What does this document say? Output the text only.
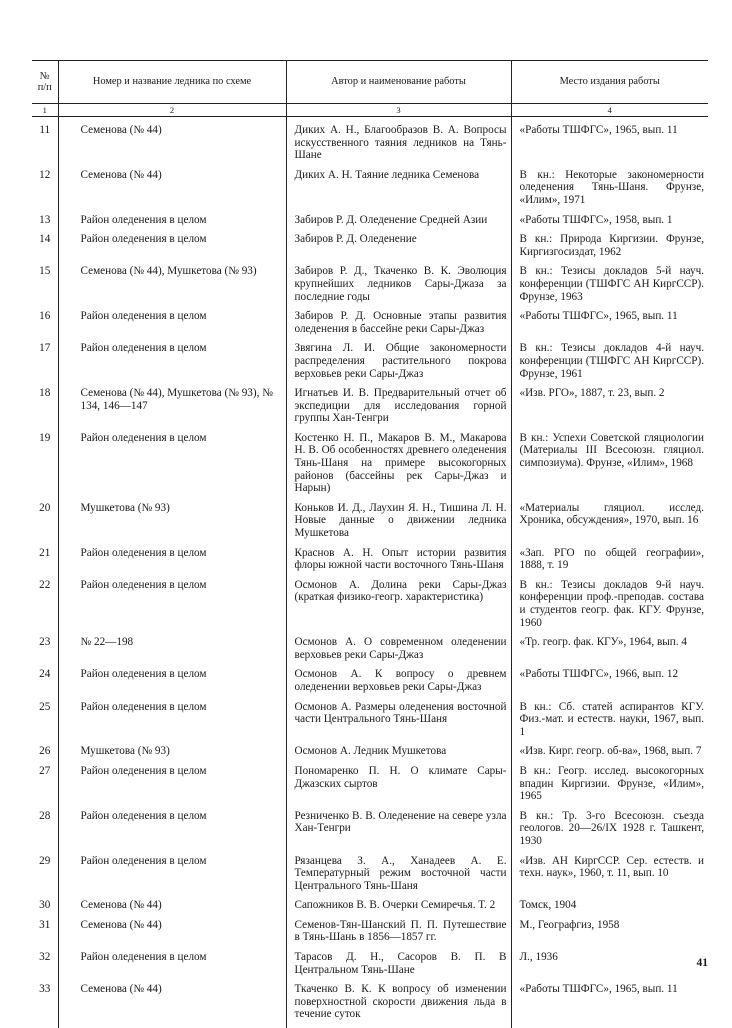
№ п/п	Номер и название ледника по схеме	Автор и наименование работы	Место издания работы
1	2	3	4
11	Семенова (№ 44)	Диких А. Н., Благообразов В. А. Вопросы искусственного таяния ледников на Тянь-Шане	«Работы ТШФГС», 1965, вып. 11
12	Семенова (№ 44)	Диких А. Н. Таяние ледника Семенова	В кн.: Некоторые закономерности оледенения Тянь-Шаня. Фрунзе, «Илим», 1971
13	Район оледенения в целом	Забиров Р. Д. Оледенение Средней Азии	«Работы ТШФГС», 1958, вып. 1
14	Район оледенения в целом	Забиров Р. Д. Оледенение	В кн.: Природа Киргизии. Фрунзе, Киргизгосиздат, 1962
15	Семенова (№ 44), Мушкетова (№ 93)	Забиров Р. Д., Ткаченко В. К. Эволюция крупнейших ледников Сары-Джаза за последние годы	В кн.: Тезисы докладов 5-й науч. конференции (ТШФГС АН КиргССР). Фрунзе, 1963
16	Район оледенения в целом	Забиров Р. Д. Основные этапы развития оледенения в бассейне реки Сары-Джаз	«Работы ТШФГС», 1965, вып. 11
17	Район оледенения в целом	Звягина Л. И. Общие закономерности распределения растительного покрова верховьев реки Сары-Джаз	В кн.: Тезисы докладов 4-й науч. конференции (ТШФГС АН КиргССР). Фрунзе, 1961
18	Семенова (№ 44), Мушкетова (№ 93), № 134, 146—147	Игнатьев И. В. Предварительный отчет об экспедиции для исследования горной группы Хан-Тенгри	«Изв. РГО», 1887, т. 23, вып. 2
19	Район оледенения в целом	Костенко Н. П., Макаров В. М., Макарова Н. В. Об особенностях древнего оледенения Тянь-Шаня на примере высокогорных районов (бассейны рек Сары-Джаз и Нарын)	В кн.: Успехи Советской гляциологии (Материалы III Всесоюзн. гляциол. симпозиума). Фрунзе, «Илим», 1968
20	Мушкетова (№ 93)	Коньков И. Д., Лаухин Я. Н., Тишина Л. Н. Новые данные о движении ледника Мушкетова	«Материалы гляциол. исслед. Хроника, обсуждения», 1970, вып. 16
21	Район оледенения в целом	Краснов А. Н. Опыт истории развития флоры южной части восточного Тянь-Шаня	«Зап. РГО по общей географии», 1888, т. 19
22	Район оледенения в целом	Осмонов А. Долина реки Сары-Джаз (краткая физико-геогр. характеристика)	В кн.: Тезисы докладов 9-й науч. конференции проф.-преподав. состава и студентов геогр. фак. КГУ. Фрунзе, 1960
23	№ 22—198	Осмонов А. О современном оледенении верховьев реки Сары-Джаз	«Тр. геогр. фак. КГУ», 1964, вып. 4
24	Район оледенения в целом	Осмонов А. К вопросу о древнем оледенении верховьев реки Сары-Джаз	«Работы ТШФГС», 1966, вып. 12
25	Район оледенения в целом	Осмонов А. Размеры оледенения восточной части Центрального Тянь-Шаня	В кн.: Сб. статей аспирантов КГУ. Физ.-мат. и естеств. науки, 1967, вып. 1
26	Мушкетова (№ 93)	Осмонов А. Ледник Мушкетова	«Изв. Кирг. геогр. об-ва», 1968, вып. 7
27	Район оледенения в целом	Пономаренко П. Н. О климате Сары-Джазских сыртов	В кн.: Геогр. исслед. высокогорных впадин Киргизии. Фрунзе, «Илим», 1965
28	Район оледенения в целом	Резниченко В. В. Оледенение на севере узла Хан-Тенгри	В кн.: Тр. 3-го Всесоюзн. съезда геологов. 20—26/IX 1928 г. Ташкент, 1930
29	Район оледенения в целом	Рязанцева З. А., Ханадеев А. Е. Температурный режим восточной части Центрального Тянь-Шаня	«Изв. АН КиргССР. Сер. естеств. и техн. наук», 1960, т. 11, вып. 10
30	Семенова (№ 44)	Сапожников В. В. Очерки Семиречья. Т. 2	Томск, 1904
31	Семенова (№ 44)	Семенов-Тян-Шанский П. П. Путешествие в Тянь-Шань в 1856—1857 гг.	М., Географгиз, 1958
32	Район оледенения в целом	Тарасов Д. Н., Сасоров В. П. В Центральном Тянь-Шане	Л., 1936
33	Семенова (№ 44)	Ткаченко В. К. К вопросу об изменении поверхностной скорости движения льда в течение суток	«Работы ТШФГС», 1965, вып. 11
41
